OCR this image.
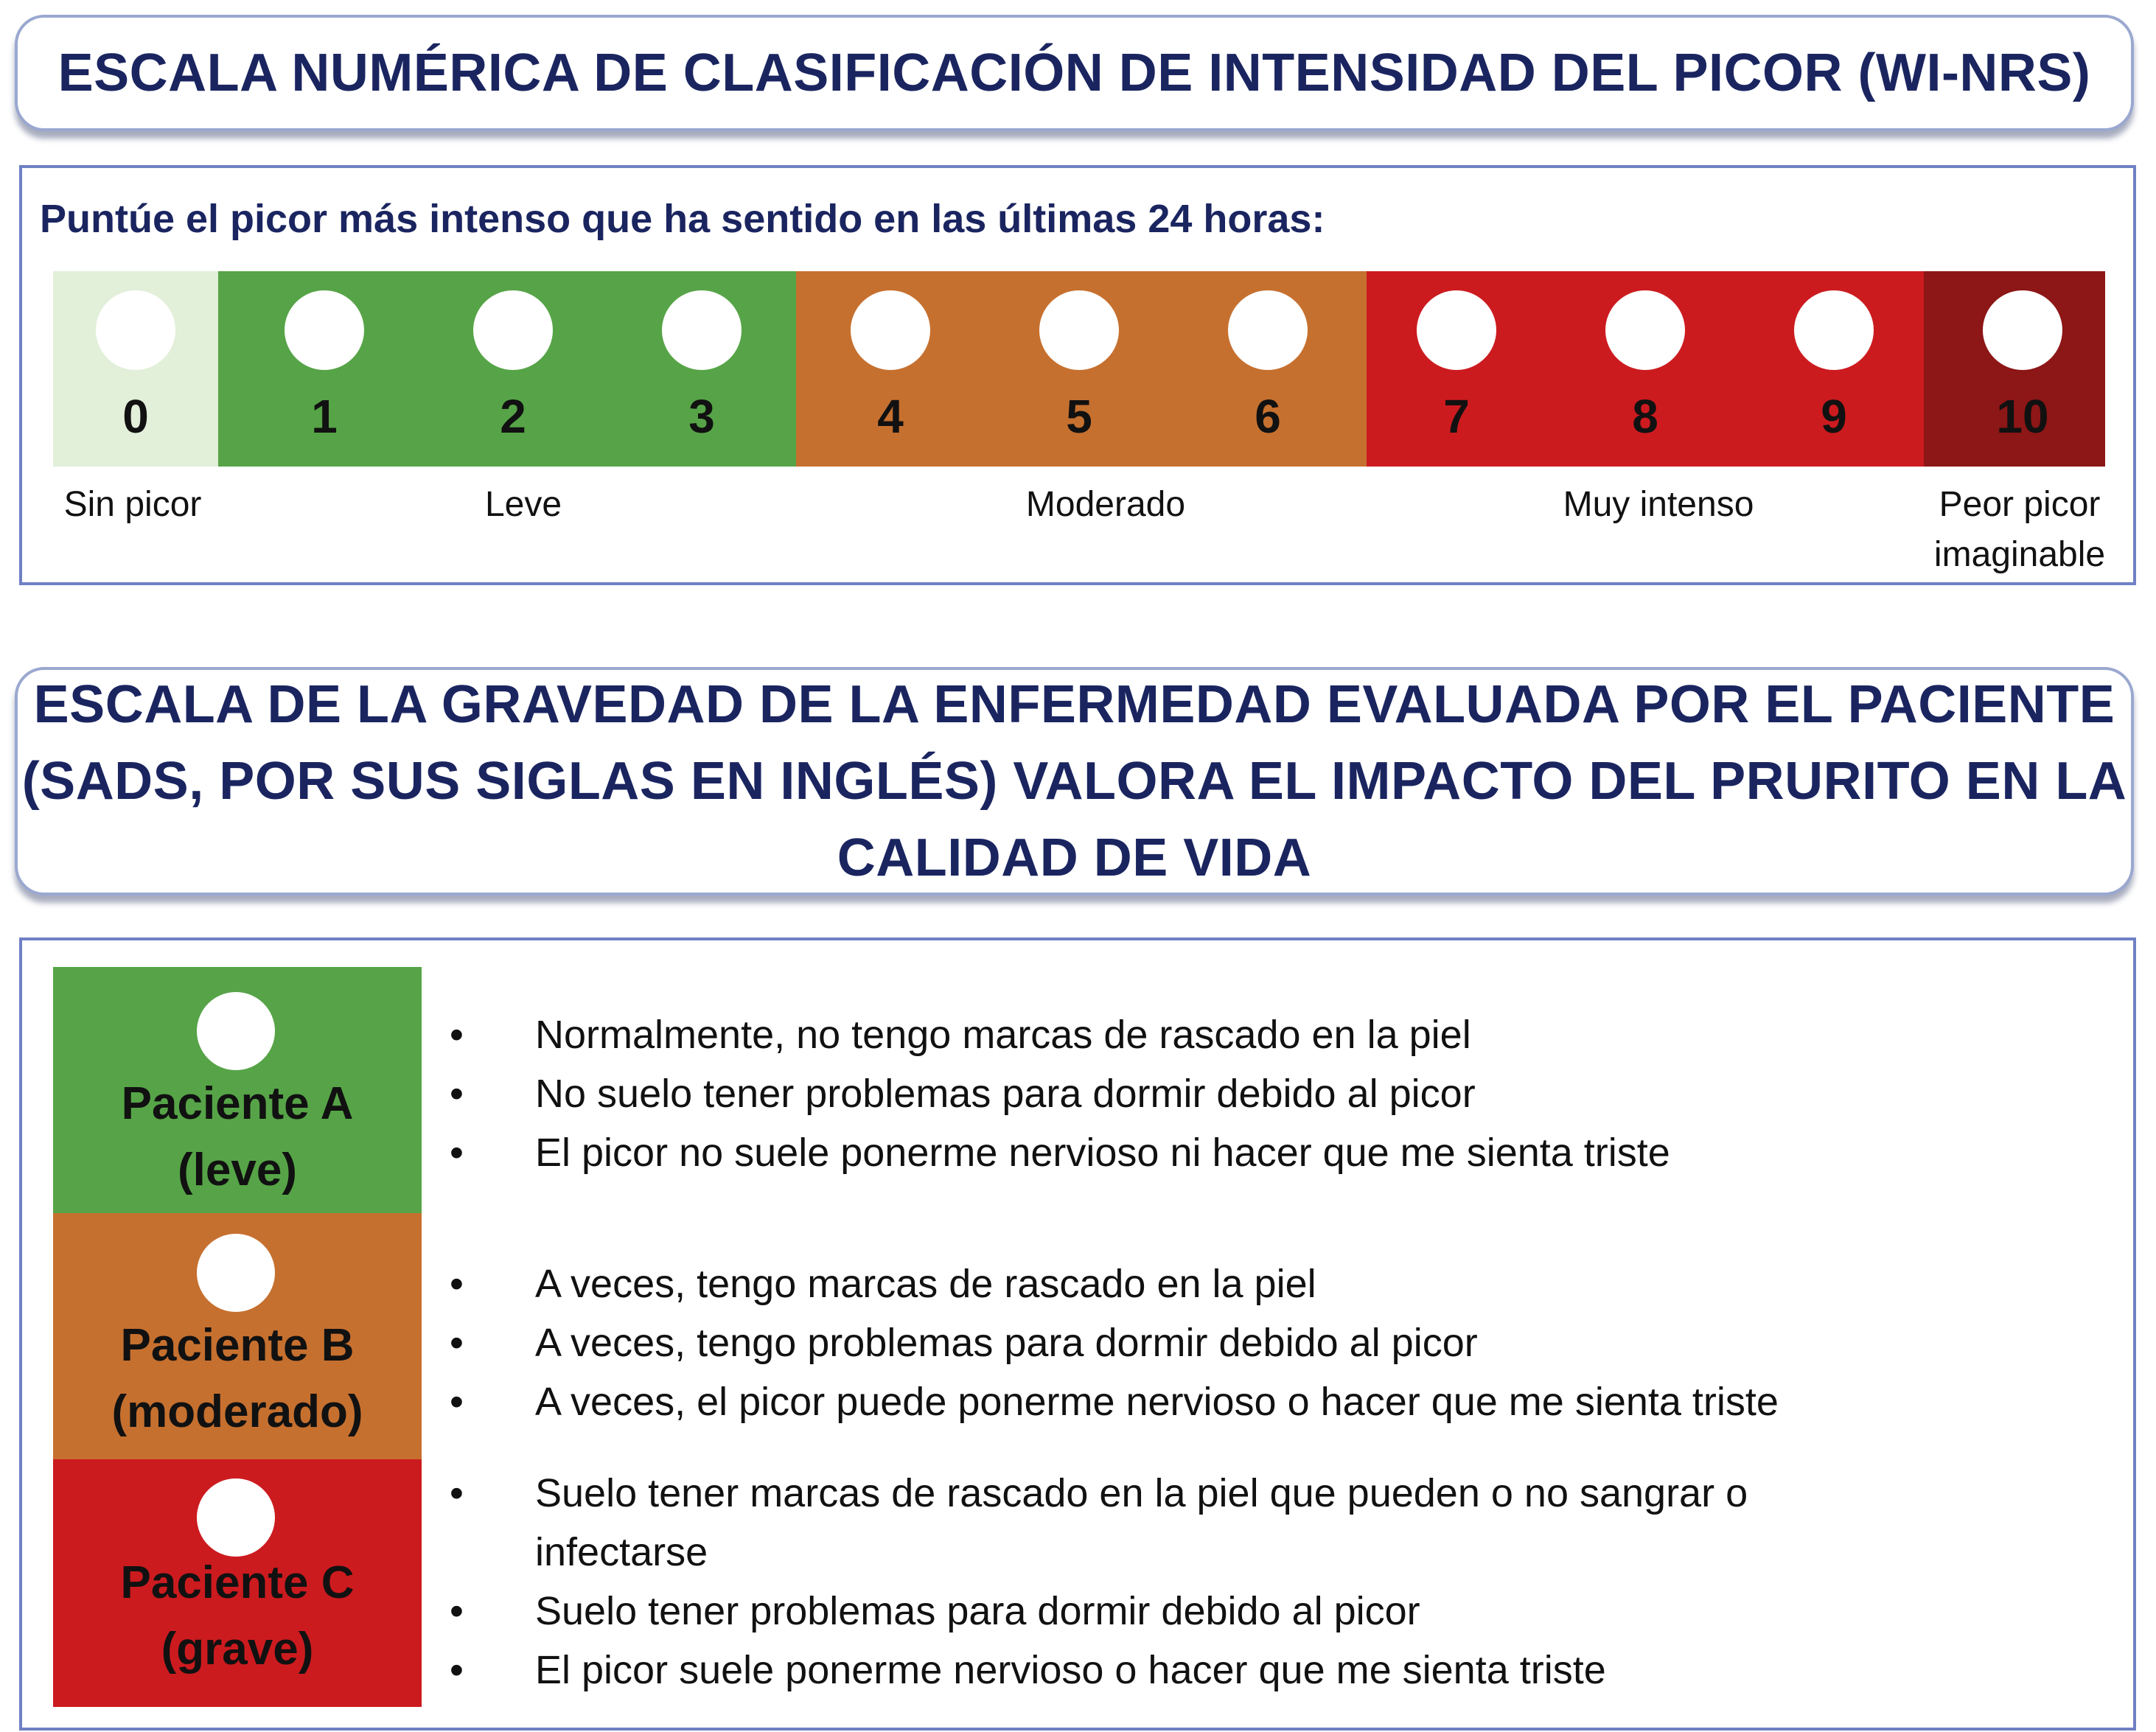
ESCALA NUMÉRICA DE CLASIFICACIÓN DE INTENSIDAD DEL PICOR (WI-NRS)
Puntúe el picor más intenso que ha sentido en las últimas 24 horas:
0	1	2	3	4	5	6	7	8	9	10
Sin picor	Leve	Moderado	Muy intenso	Peor picor
imaginable
ESCALA DE LA GRAVEDAD DE LA ENFERMEDAD EVALUADA POR EL PACIENTE
(SADS, POR SUS SIGLAS EN INGLÉS) VALORA EL IMPACTO DEL PRURITO EN LA
CALIDAD DE VIDA
Paciente A
(leve)
Paciente B
(moderado)
Paciente C
(grave)
•	Normalmente, no tengo marcas de rascado en la piel
•	No suelo tener problemas para dormir debido al picor
•	El picor no suele ponerme nervioso ni hacer que me sienta triste
•	A veces, tengo marcas de rascado en la piel
•	A veces, tengo problemas para dormir debido al picor
•	A veces, el picor puede ponerme nervioso o hacer que me sienta triste
•	Suelo tener marcas de rascado en la piel que pueden o no sangrar o
infectarse
•	Suelo tener problemas para dormir debido al picor
•	El picor suele ponerme nervioso o hacer que me sienta triste
